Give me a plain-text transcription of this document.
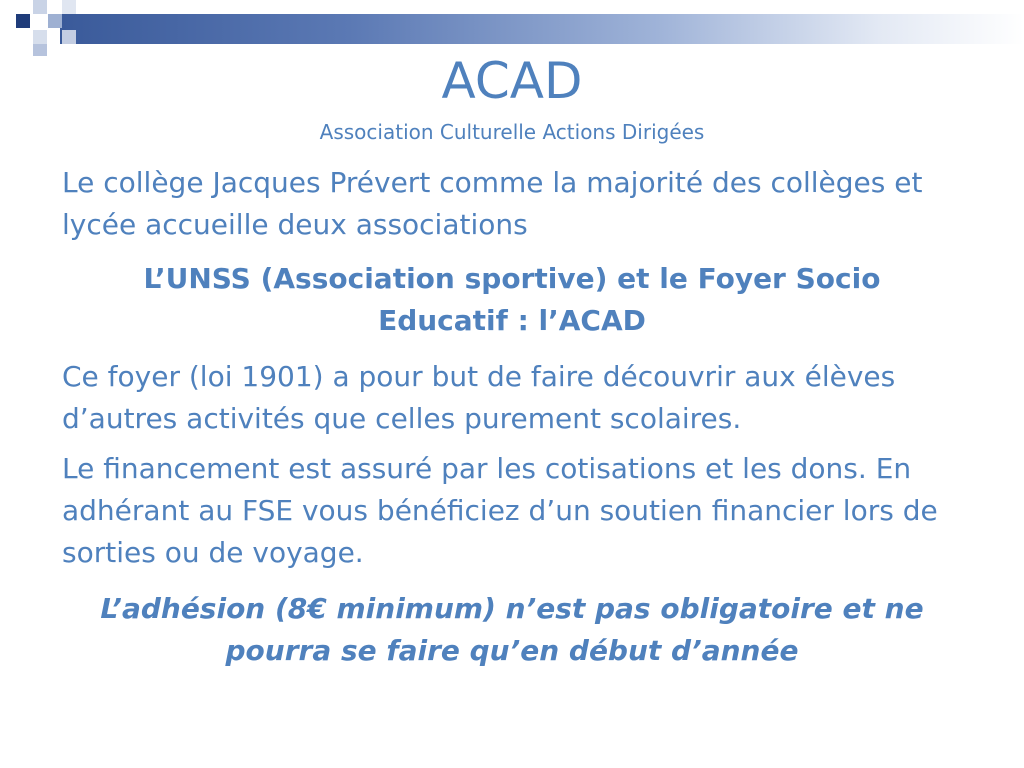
ACAD

Association Culturelle Actions Dirigées

Le collège Jacques Prévert comme la majorité des collèges et lycée accueille deux associations

L’UNSS (Association sportive) et le Foyer Socio
Educatif : l’ACAD

Ce foyer (loi 1901) a pour but de faire découvrir aux élèves d’autres activités que celles purement scolaires.

Le financement est assuré par les cotisations et les dons. En adhérant au FSE vous bénéficiez d’un soutien financier lors de sorties ou de voyage.

L’adhésion (8€ minimum) n’est pas obligatoire et ne
pourra se faire qu’en début d’année
